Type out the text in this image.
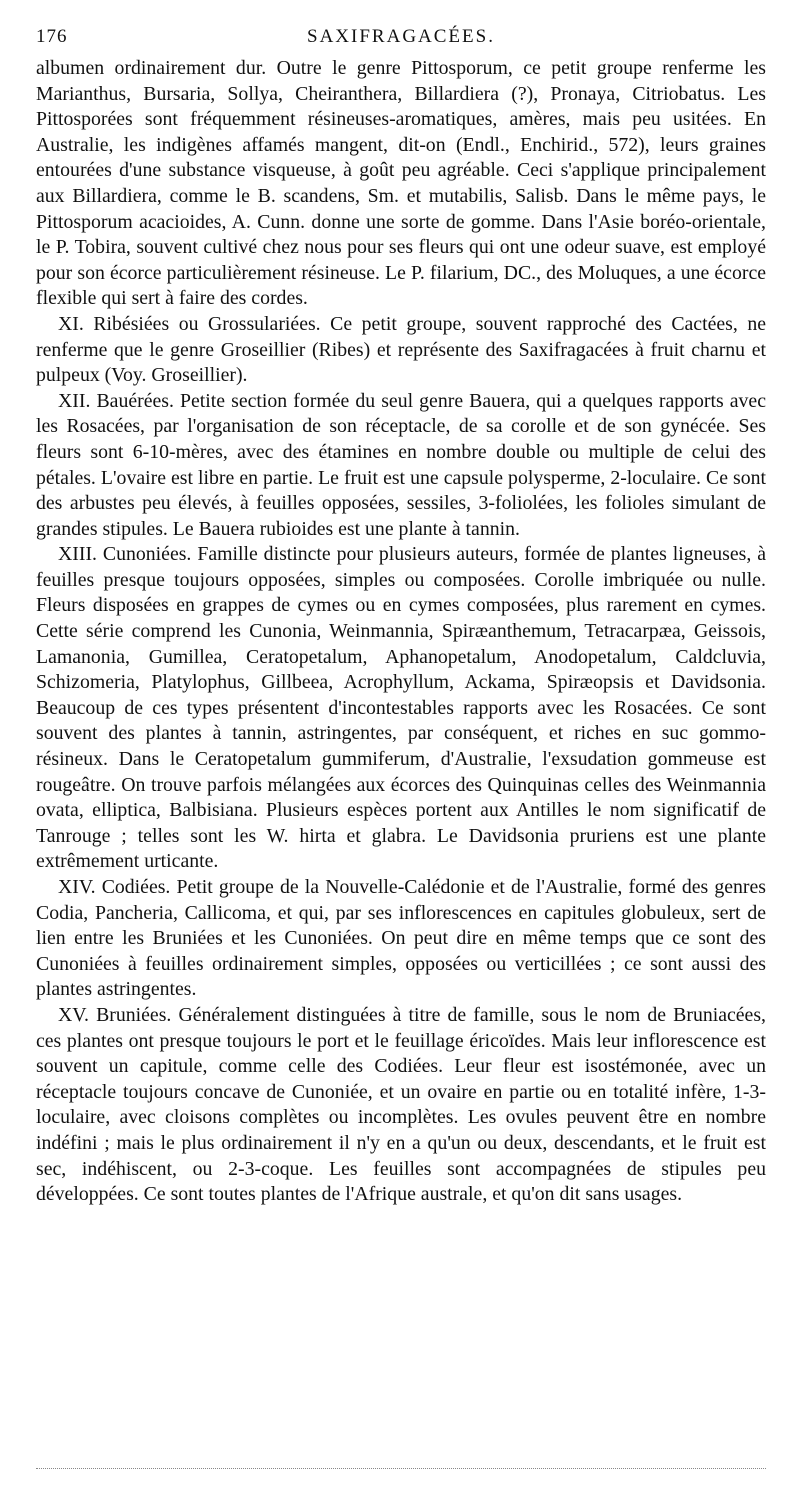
176	SAXIFRAGACÉES.

albumen ordinairement dur. Outre le genre Pittosporum, ce petit groupe renferme les Marianthus, Bursaria, Sollya, Cheiranthera, Billardiera (?), Pronaya, Citriobatus. Les Pittosporées sont fréquemment résineuses-aromatiques, amères, mais peu usitées. En Australie, les indigènes affamés mangent, dit-on (Endl., Enchirid., 572), leurs graines entourées d'une substance visqueuse, à goût peu agréable. Ceci s'applique principalement aux Billardiera, comme le B. scandens, Sm. et mutabilis, Salisb. Dans le même pays, le Pittosporum acacioides, A. Cunn. donne une sorte de gomme. Dans l'Asie boréo-orientale, le P. Tobira, souvent cultivé chez nous pour ses fleurs qui ont une odeur suave, est employé pour son écorce particulièrement résineuse. Le P. filarium, DC., des Moluques, a une écorce flexible qui sert à faire des cordes.

XI. Ribésiées ou Grossulariées. Ce petit groupe, souvent rapproché des Cactées, ne renferme que le genre Groseillier (Ribes) et représente des Saxifragacées à fruit charnu et pulpeux (Voy. Groseillier).

XII. Bauérées. Petite section formée du seul genre Bauera, qui a quelques rapports avec les Rosacées, par l'organisation de son réceptacle, de sa corolle et de son gynécée. Ses fleurs sont 6-10-mères, avec des étamines en nombre double ou multiple de celui des pétales. L'ovaire est libre en partie. Le fruit est une capsule polysperme, 2-loculaire. Ce sont des arbustes peu élevés, à feuilles opposées, sessiles, 3-foliolées, les folioles simulant de grandes stipules. Le Bauera rubioides est une plante à tannin.

XIII. Cunoniées. Famille distincte pour plusieurs auteurs, formée de plantes ligneuses, à feuilles presque toujours opposées, simples ou composées. Corolle imbriquée ou nulle. Fleurs disposées en grappes de cymes ou en cymes composées, plus rarement en cymes. Cette série comprend les Cunonia, Weinmannia, Spiræanthemum, Tetracarpæa, Geissois, Lamanonia, Gumillea, Ceratopetalum, Aphanopetalum, Anodopetalum, Caldcluvia, Schizomeria, Platylophus, Gillbeea, Acrophyllum, Ackama, Spiræopsis et Davidsonia. Beaucoup de ces types présentent d'incontestables rapports avec les Rosacées. Ce sont souvent des plantes à tannin, astringentes, par conséquent, et riches en suc gommo-résineux. Dans le Ceratopetalum gummiferum, d'Australie, l'exsudation gommeuse est rougeâtre. On trouve parfois mélangées aux écorces des Quinquinas celles des Weinmannia ovata, elliptica, Balbisiana. Plusieurs espèces portent aux Antilles le nom significatif de Tanrouge ; telles sont les W. hirta et glabra. Le Davidsonia pruriens est une plante extrêmement urticante.

XIV. Codiées. Petit groupe de la Nouvelle-Calédonie et de l'Australie, formé des genres Codia, Pancheria, Callicoma, et qui, par ses inflorescences en capitules globuleux, sert de lien entre les Bruniées et les Cunoniées. On peut dire en même temps que ce sont des Cunoniées à feuilles ordinairement simples, opposées ou verticillées ; ce sont aussi des plantes astringentes.

XV. Bruniées. Généralement distinguées à titre de famille, sous le nom de Bruniacées, ces plantes ont presque toujours le port et le feuillage éricoïdes. Mais leur inflorescence est souvent un capitule, comme celle des Codiées. Leur fleur est isostémonée, avec un réceptacle toujours concave de Cunoniée, et un ovaire en partie ou en totalité infère, 1-3-loculaire, avec cloisons complètes ou incomplètes. Les ovules peuvent être en nombre indéfini ; mais le plus ordinairement il n'y en a qu'un ou deux, descendants, et le fruit est sec, indéhiscent, ou 2-3-coque. Les feuilles sont accompagnées de stipules peu développées. Ce sont toutes plantes de l'Afrique australe, et qu'on dit sans usages.
